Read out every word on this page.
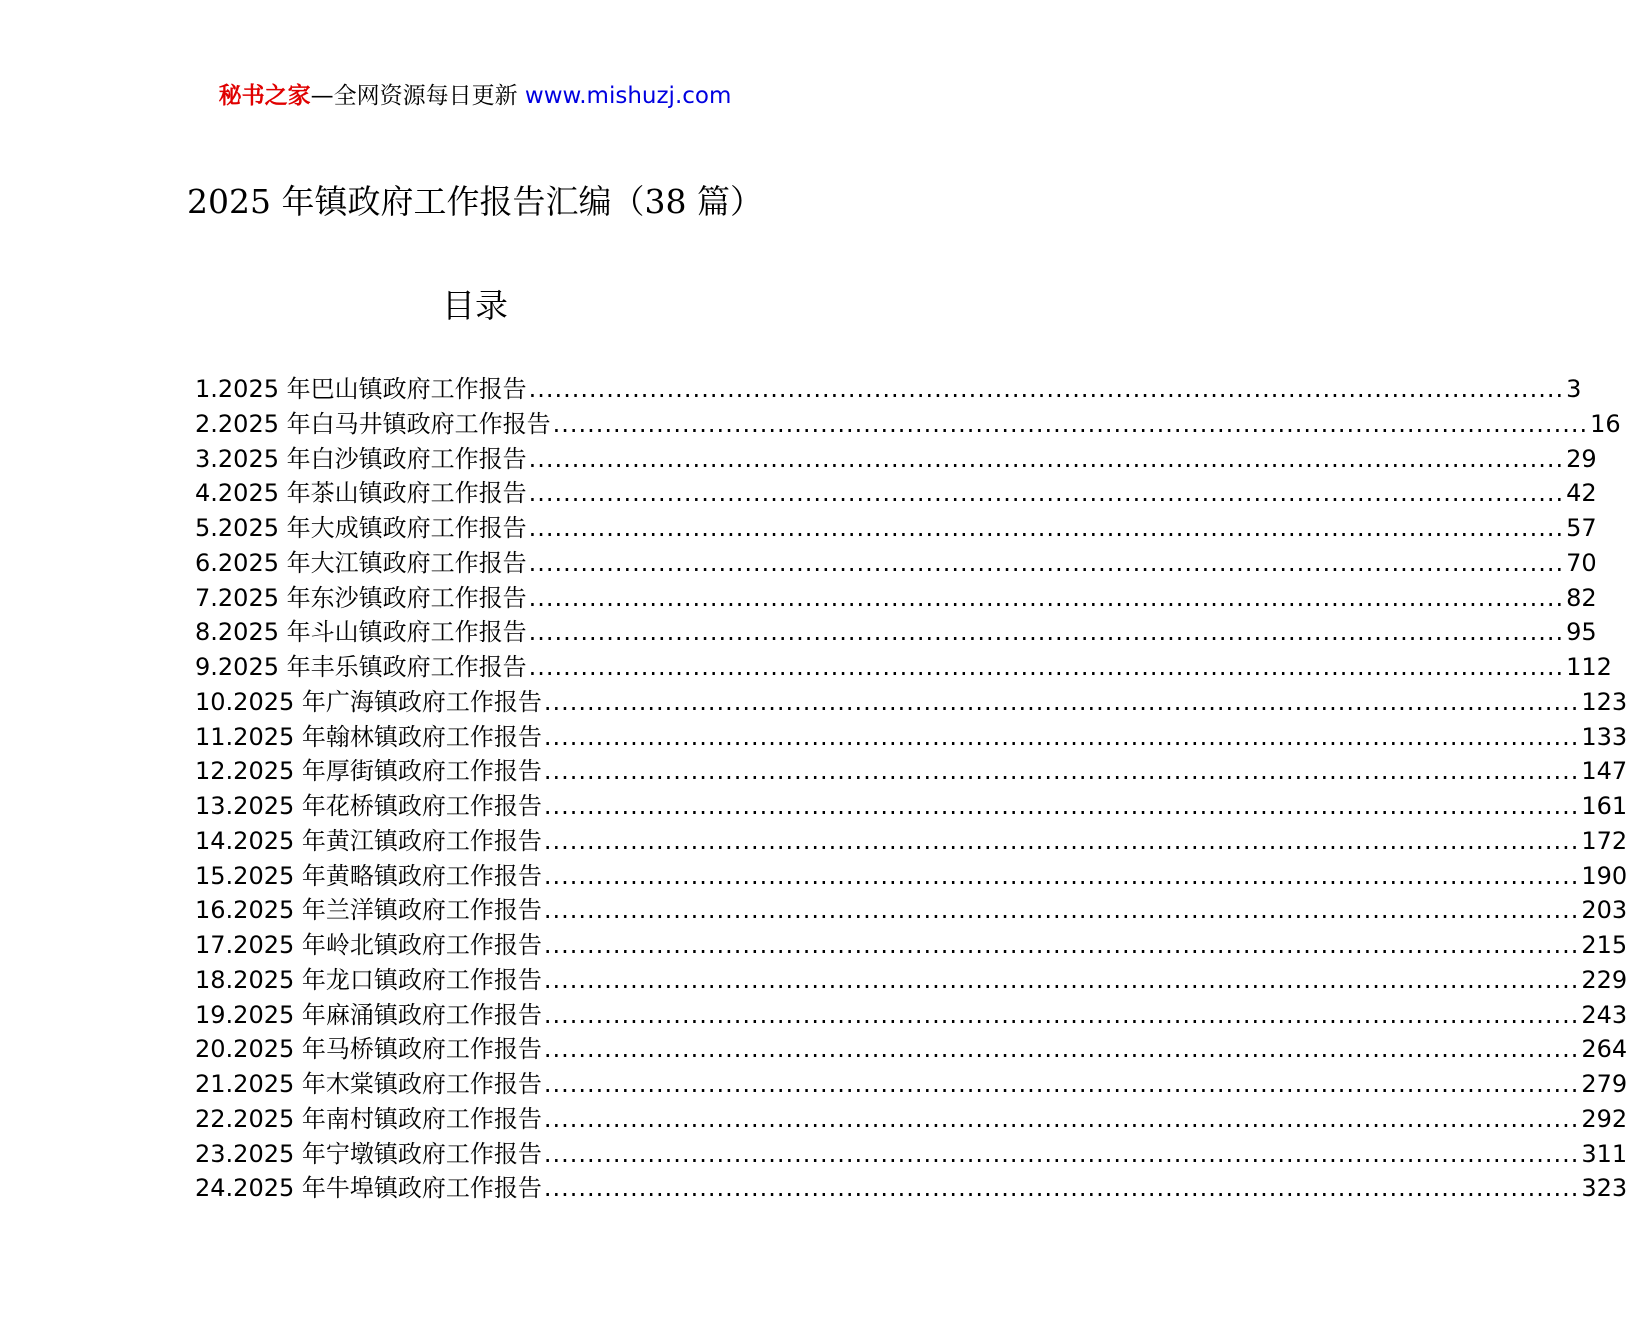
秘书之家—全网资源每日更新 www.mishuzj.com
2025 年镇政府工作报告汇编（38 篇）
目录
1.2025 年巴山镇政府工作报告 ........................................................................................................................ 3
2.2025 年白马井镇政府工作报告 ........................................................................................................................ 16
3.2025 年白沙镇政府工作报告 ........................................................................................................................ 29
4.2025 年茶山镇政府工作报告 ........................................................................................................................ 42
5.2025 年大成镇政府工作报告 ........................................................................................................................ 57
6.2025 年大江镇政府工作报告 ........................................................................................................................ 70
7.2025 年东沙镇政府工作报告 ........................................................................................................................ 82
8.2025 年斗山镇政府工作报告 ........................................................................................................................ 95
9.2025 年丰乐镇政府工作报告 ........................................................................................................................ 112
10.2025 年广海镇政府工作报告 ........................................................................................................................ 123
11.2025 年翰林镇政府工作报告 ........................................................................................................................ 133
12.2025 年厚街镇政府工作报告 ........................................................................................................................ 147
13.2025 年花桥镇政府工作报告 ........................................................................................................................ 161
14.2025 年黄江镇政府工作报告 ........................................................................................................................ 172
15.2025 年黄略镇政府工作报告 ........................................................................................................................ 190
16.2025 年兰洋镇政府工作报告 ........................................................................................................................ 203
17.2025 年岭北镇政府工作报告 ........................................................................................................................ 215
18.2025 年龙口镇政府工作报告 ........................................................................................................................ 229
19.2025 年麻涌镇政府工作报告 ........................................................................................................................ 243
20.2025 年马桥镇政府工作报告 ........................................................................................................................ 264
21.2025 年木棠镇政府工作报告 ........................................................................................................................ 279
22.2025 年南村镇政府工作报告 ........................................................................................................................ 292
23.2025 年宁墩镇政府工作报告 ........................................................................................................................ 311
24.2025 年牛埠镇政府工作报告 ........................................................................................................................ 323
